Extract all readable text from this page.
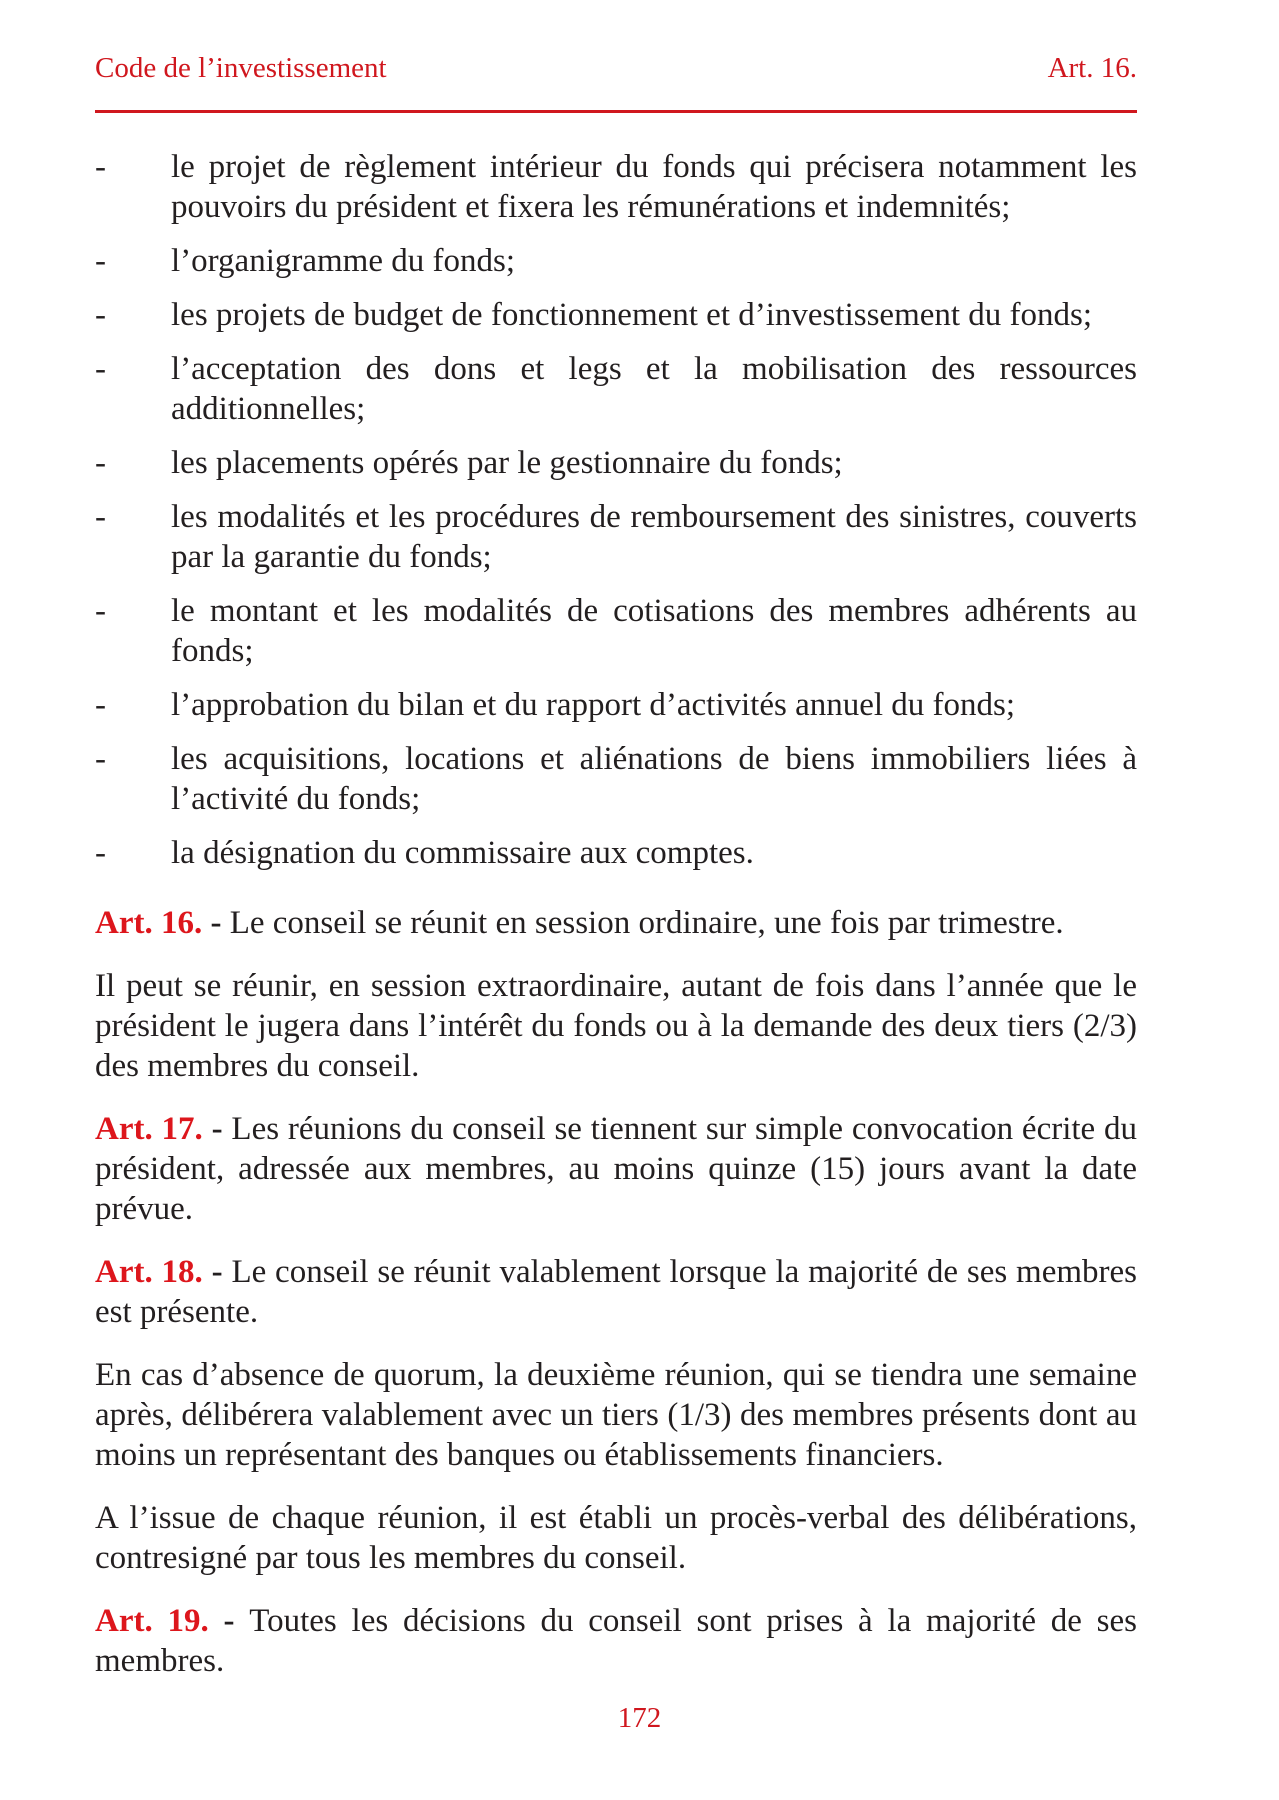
Code de l’investissement	Art. 16.
- le projet de règlement intérieur du fonds qui précisera notamment les pouvoirs du président et fixera les rémunérations et indemnités;
- l’organigramme du fonds;
- les projets de budget de fonctionnement et d’investissement du fonds;
- l’acceptation des dons et legs et la mobilisation des ressources additionnelles;
- les placements opérés par le gestionnaire du fonds;
- les modalités et les procédures de remboursement des sinistres, couverts par la garantie du fonds;
- le montant et les modalités de cotisations des membres adhérents au fonds;
- l’approbation du bilan et du rapport d’activités annuel du fonds;
- les acquisitions, locations et aliénations de biens immobiliers liées à l’activité du fonds;
- la désignation du commissaire aux comptes.

Art. 16. - Le conseil se réunit en session ordinaire, une fois par trimestre.

Il peut se réunir, en session extraordinaire, autant de fois dans l’année que le président le jugera dans l’intérêt du fonds ou à la demande des deux tiers (2/3) des membres du conseil.

Art. 17. - Les réunions du conseil se tiennent sur simple convocation écrite du président, adressée aux membres, au moins quinze (15) jours avant la date prévue.

Art. 18. - Le conseil se réunit valablement lorsque la majorité de ses membres est présente.

En cas d’absence de quorum, la deuxième réunion, qui se tiendra une semaine après, délibérera valablement avec un tiers (1/3) des membres présents dont au moins un représentant des banques ou établissements financiers.

A l’issue de chaque réunion, il est établi un procès-verbal des délibérations, contresigné par tous les membres du conseil.

Art. 19. - Toutes les décisions du conseil sont prises à la majorité de ses membres.

172
